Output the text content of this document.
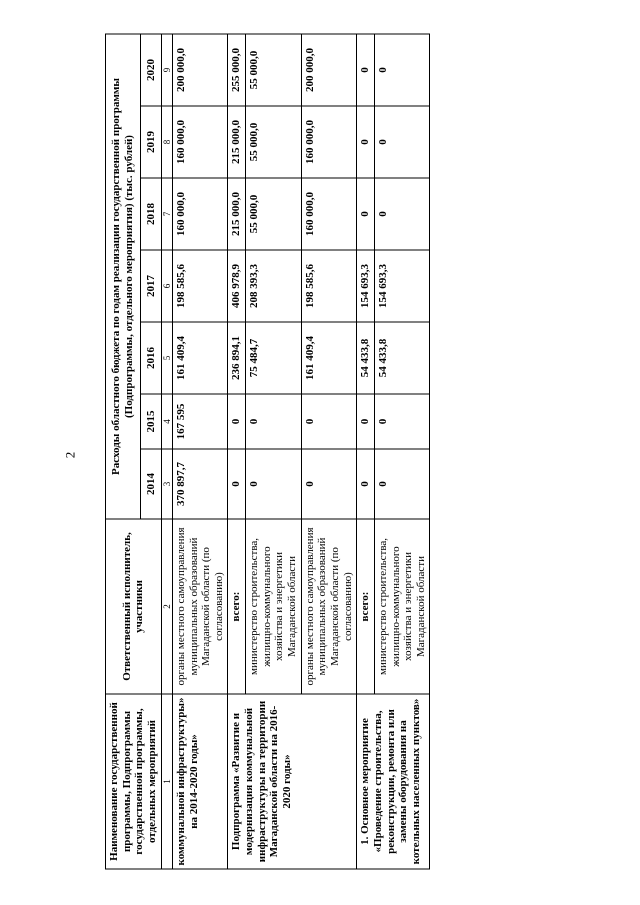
2
Наименование государственной программы, Подпрограммы государственной программы, отдельных мероприятий	Ответственный исполнитель, участники	Расходы областного бюджета по годам реализации государственной программы (Подпрограммы, отдельного мероприятия) (тыс. рублей)						
		2014	2015	2016	2017	2018	2019	2020
1	2	3	4	5	6	7	8	9
коммунальной инфраструктуры» на 2014-2020 годы»	органы местного самоуправления муниципальных образований Магаданской области (по согласованию)	370 897,7	167 595	161 409,4	198 585,6	160 000,0	160 000,0	200 000,0
Подпрограмма «Развитие и модернизация коммунальной инфраструктуры на территории Магаданской области на 2016-2020 годы»	всего:	0	0	236 894,1	406 978,9	215 000,0	215 000,0	255 000,0
	министерство строительства, жилищно-коммунального хозяйства и энергетики Магаданской области	0	0	75 484,7	208 393,3	55 000,0	55 000,0	55 000,0
	органы местного самоуправления муниципальных образований Магаданской области (по согласованию)	0	0	161 409,4	198 585,6	160 000,0	160 000,0	200 000,0
1. Основное мероприятие «Проведение строительства, реконструкции, ремонта или замены оборудования на котельных населенных пунктов»	всего:	0	0	54 433,8	154 693,3	0	0	0
	министерство строительства, жилищно-коммунального хозяйства и энергетики Магаданской области	0	0	54 433,8	154 693,3	0	0	0
